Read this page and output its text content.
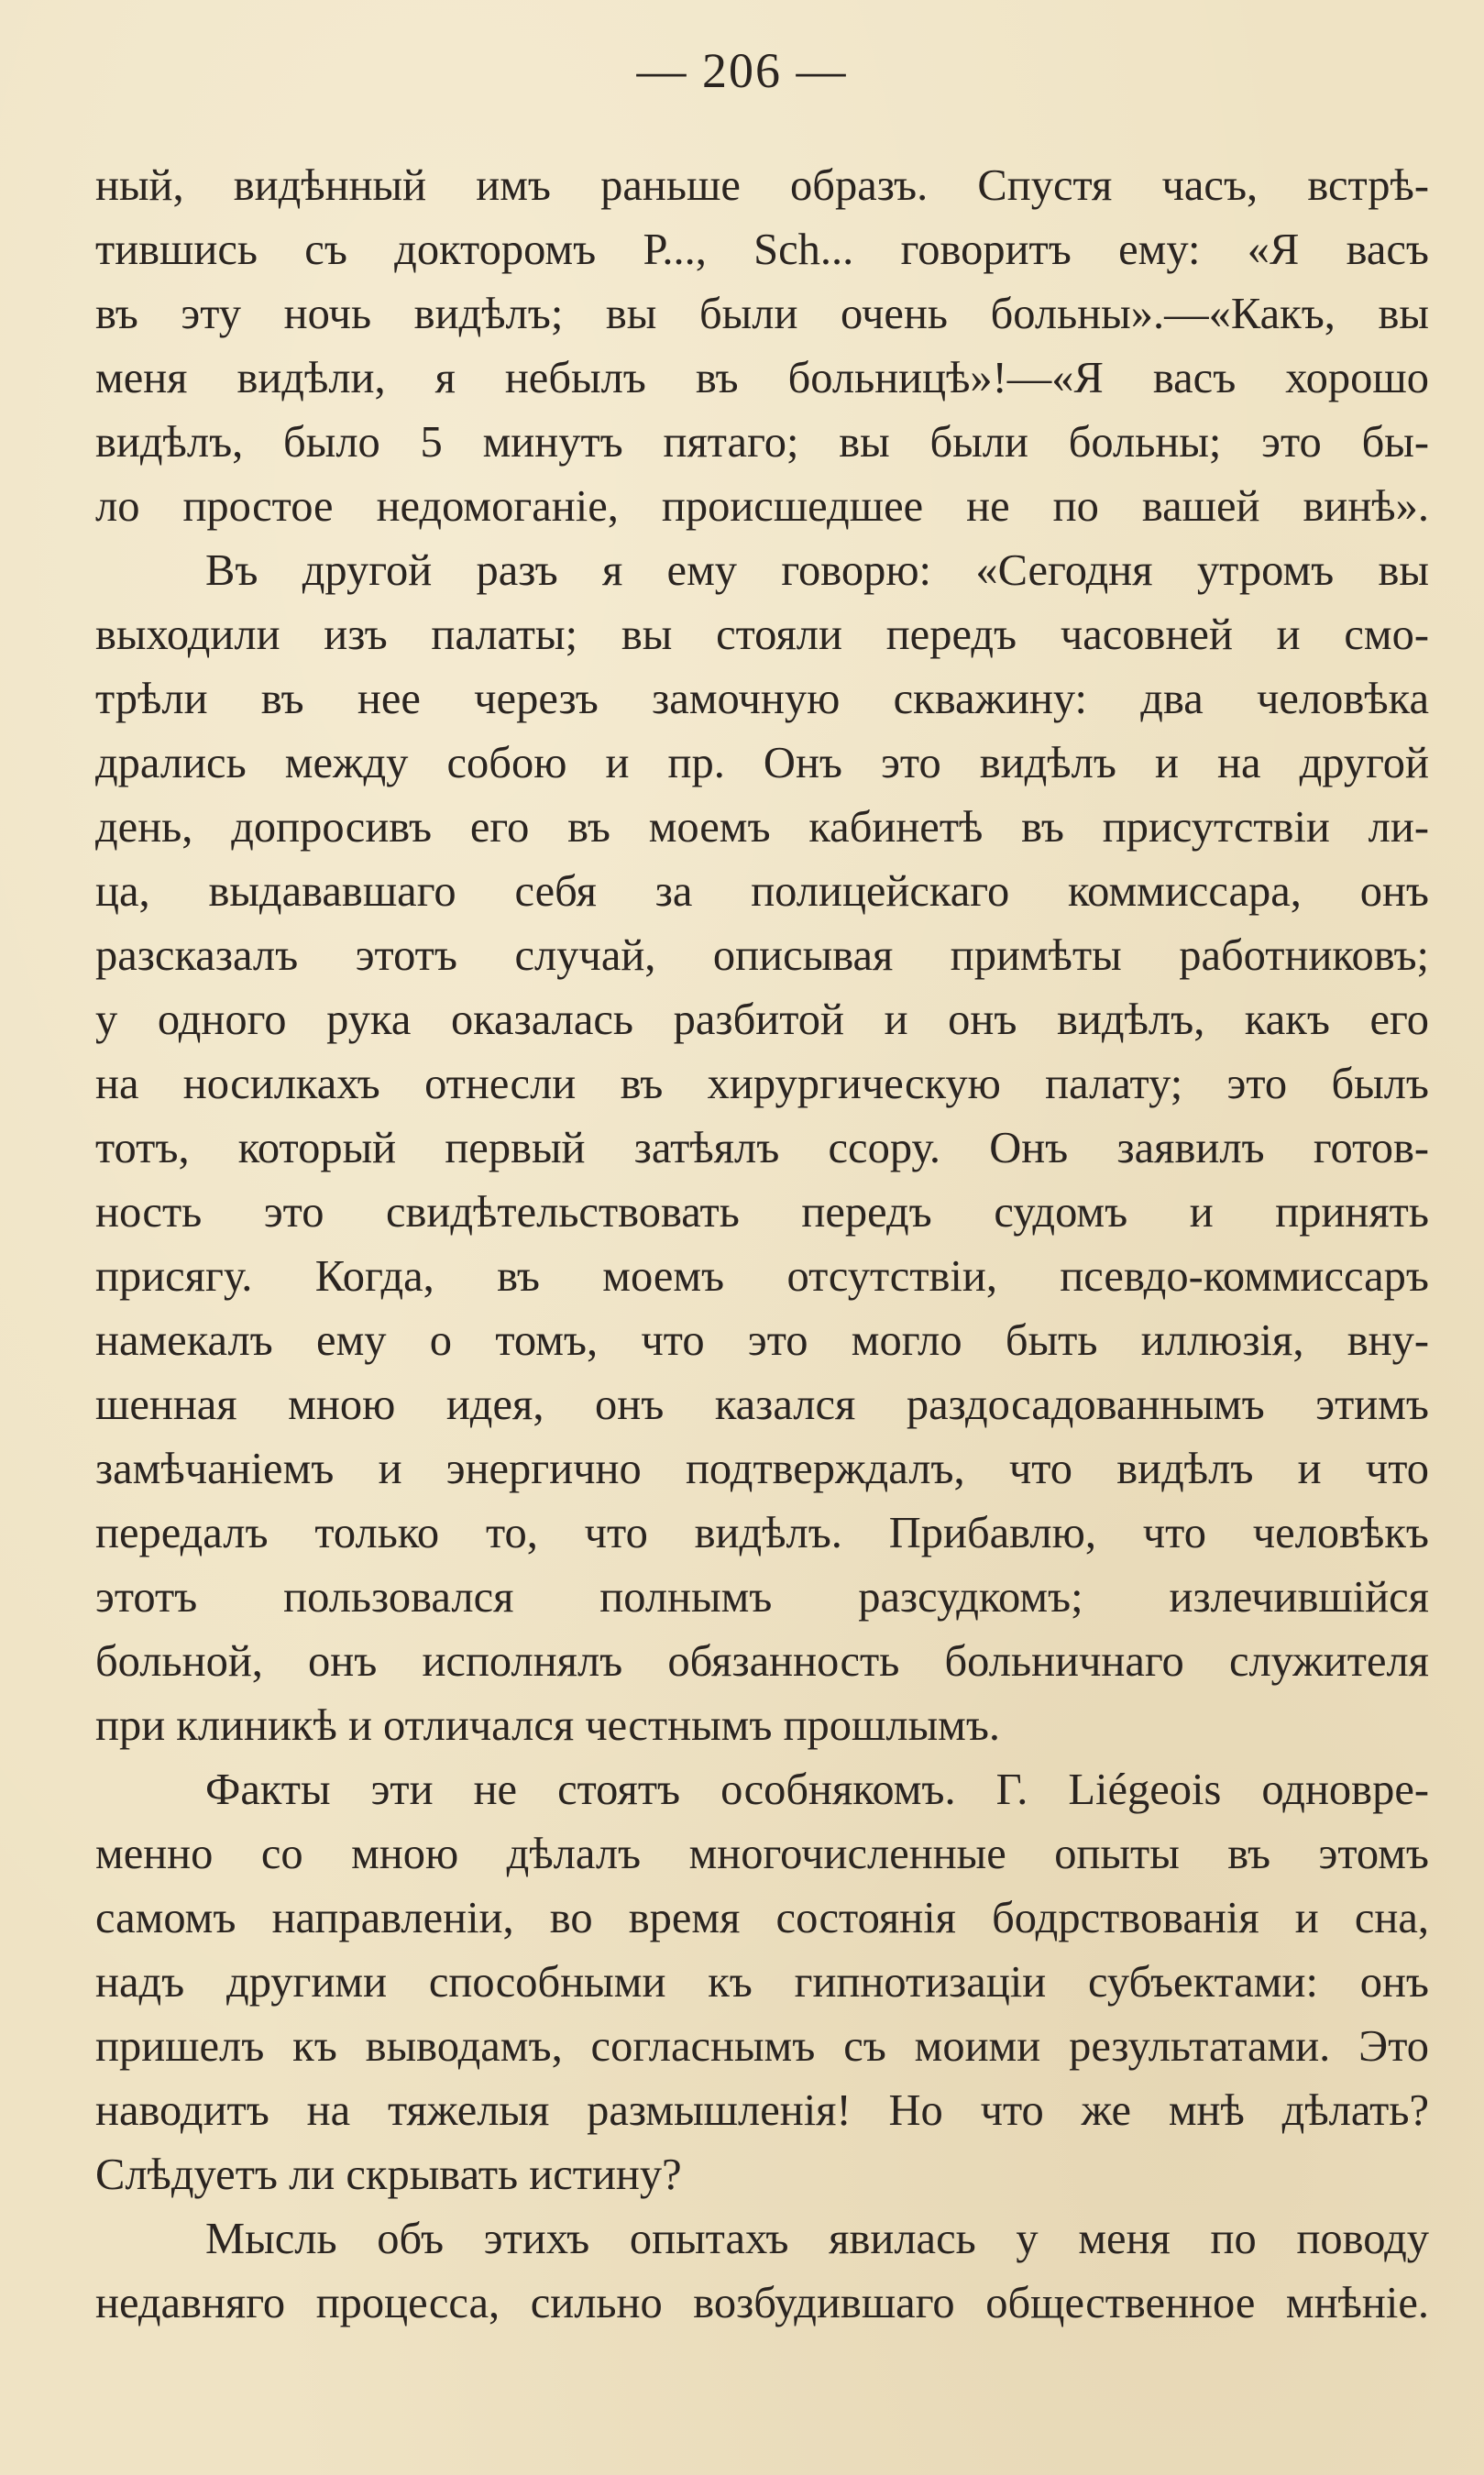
— 206 —
ный, видѣнный имъ раньше образъ. Спустя часъ, встрѣ-
тившись съ докторомъ Р..., Sch... говоритъ ему: «Я васъ
въ эту ночь видѣлъ; вы были очень больны».—«Какъ, вы
меня видѣли, я небылъ въ больницѣ»!—«Я васъ хорошо
видѣлъ, было 5 минутъ пятаго; вы были больны; это бы-
ло простое недомоганіе, происшедшее не по вашей винѣ».
Въ другой разъ я ему говорю: «Сегодня утромъ вы
выходили изъ палаты; вы стояли передъ часовней и смо-
трѣли въ нее черезъ замочную скважину: два человѣка
дрались между собою и пр. Онъ это видѣлъ и на другой
день, допросивъ его въ моемъ кабинетѣ въ присутствіи ли-
ца, выдававшаго себя за полицейскаго коммиссара, онъ
разсказалъ этотъ случай, описывая примѣты работниковъ;
у одного рука оказалась разбитой и онъ видѣлъ, какъ его
на носилкахъ отнесли въ хирургическую палату; это былъ
тотъ, который первый затѣялъ ссору. Онъ заявилъ готов-
ность это свидѣтельствовать передъ судомъ и принять
присягу. Когда, въ моемъ отсутствіи, псевдо-коммиссаръ
намекалъ ему о томъ, что это могло быть иллюзія, вну-
шенная мною идея, онъ казался раздосадованнымъ этимъ
замѣчаніемъ и энергично подтверждалъ, что видѣлъ и что
передалъ только то, что видѣлъ. Прибавлю, что человѣкъ
этотъ пользовался полнымъ разсудкомъ; излечившійся
больной, онъ исполнялъ обязанность больничнаго служителя
при клиникѣ и отличался честнымъ прошлымъ.
Факты эти не стоятъ особнякомъ. Г. Liégeois одновре-
менно со мною дѣлалъ многочисленные опыты въ этомъ
самомъ направленіи, во время состоянія бодрствованія и сна,
надъ другими способными къ гипнотизаціи субъектами: онъ
пришелъ къ выводамъ, согласнымъ съ моими результатами. Это
наводитъ на тяжелыя размышленія! Но что же мнѣ дѣлать?
Слѣдуетъ ли скрывать истину?
Мысль объ этихъ опытахъ явилась у меня по поводу
недавняго процесса, сильно возбудившаго общественное мнѣніе.
